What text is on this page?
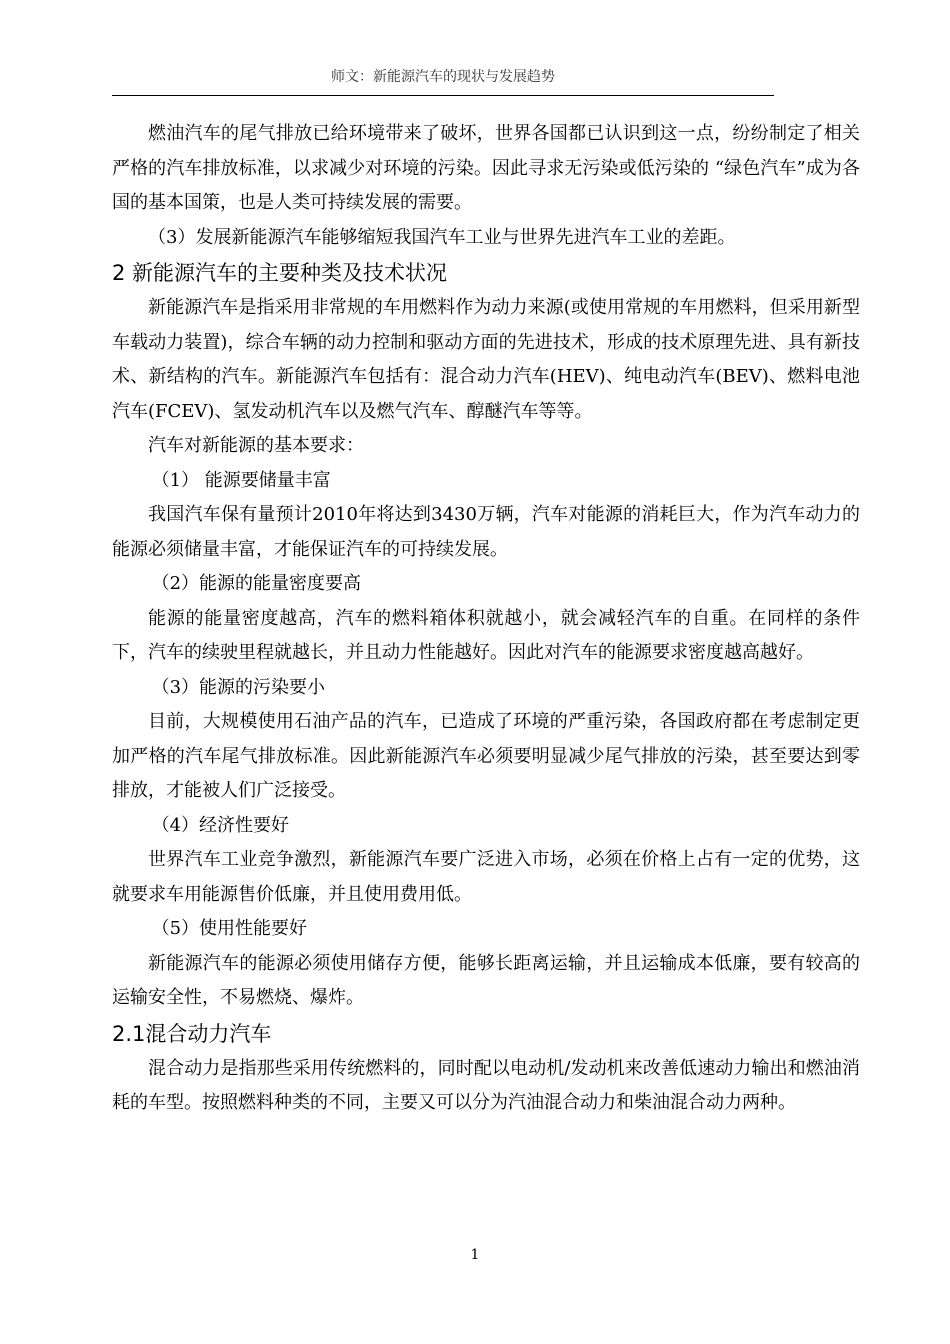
师文：新能源汽车的现状与发展趋势

燃油汽车的尾气排放已给环境带来了破坏，世界各国都已认识到这一点，纷纷制定了相关严格的汽车排放标准，以求减少对环境的污染。因此寻求无污染或低污染的 “绿色汽车”成为各国的基本国策，也是人类可持续发展的需要。

（3）发展新能源汽车能够缩短我国汽车工业与世界先进汽车工业的差距。

2 新能源汽车的主要种类及技术状况

新能源汽车是指采用非常规的车用燃料作为动力来源(或使用常规的车用燃料，但采用新型车载动力装置)，综合车辆的动力控制和驱动方面的先进技术，形成的技术原理先进、具有新技术、新结构的汽车。新能源汽车包括有：混合动力汽车(HEV)、纯电动汽车(BEV)、燃料电池汽车(FCEV)、氢发动机汽车以及燃气汽车、醇醚汽车等等。

汽车对新能源的基本要求：

（1） 能源要储量丰富

我国汽车保有量预计2010年将达到3430万辆，汽车对能源的消耗巨大，作为汽车动力的能源必须储量丰富，才能保证汽车的可持续发展。

（2）能源的能量密度要高

能源的能量密度越高，汽车的燃料箱体积就越小，就会减轻汽车的自重。在同样的条件下，汽车的续驶里程就越长，并且动力性能越好。因此对汽车的能源要求密度越高越好。

（3）能源的污染要小

目前，大规模使用石油产品的汽车，已造成了环境的严重污染，各国政府都在考虑制定更加严格的汽车尾气排放标准。因此新能源汽车必须要明显减少尾气排放的污染，甚至要达到零排放，才能被人们广泛接受。

（4）经济性要好

世界汽车工业竞争激烈，新能源汽车要广泛进入市场，必须在价格上占有一定的优势，这就要求车用能源售价低廉，并且使用费用低。

（5）使用性能要好

新能源汽车的能源必须使用储存方便，能够长距离运输，并且运输成本低廉，要有较高的运输安全性，不易燃烧、爆炸。

2.1混合动力汽车

混合动力是指那些采用传统燃料的，同时配以电动机/发动机来改善低速动力输出和燃油消耗的车型。按照燃料种类的不同，主要又可以分为汽油混合动力和柴油混合动力两种。

1
